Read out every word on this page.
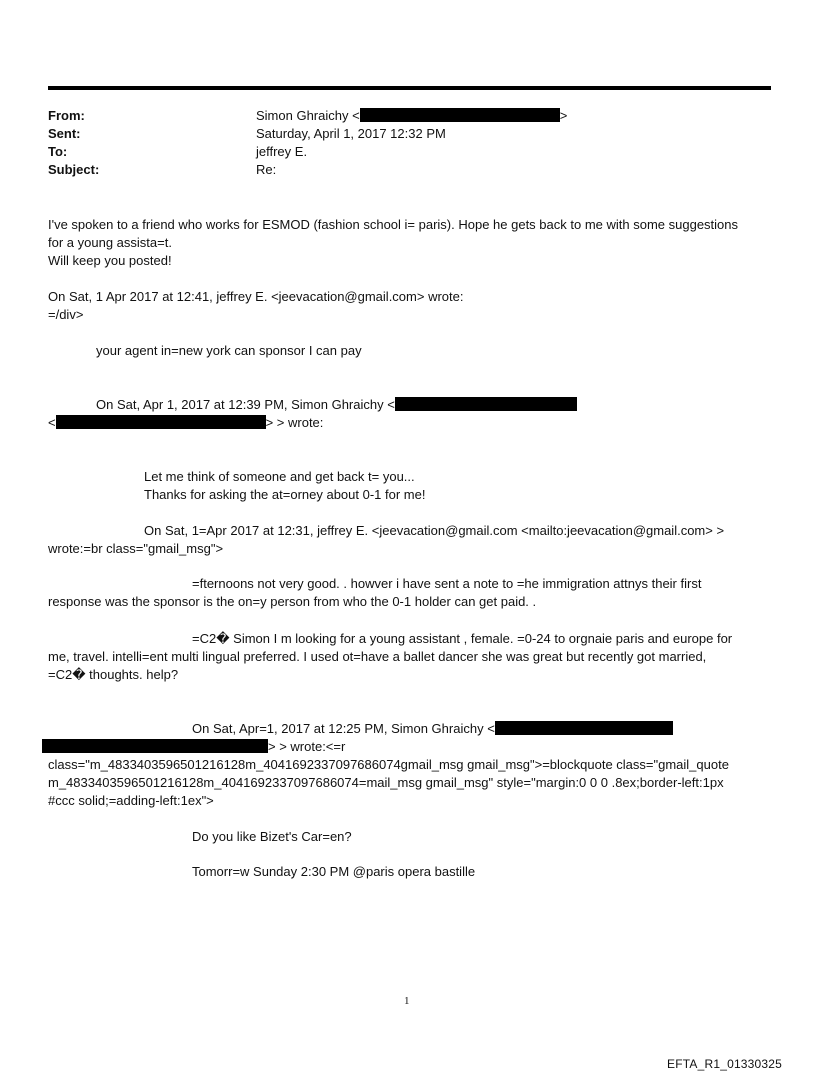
From:	Simon Ghraichy <	>
Sent:	Saturday, April 1, 2017 12:32 PM
To:	jeffrey E.
Subject:	Re:
I've spoken to a friend who works for ESMOD (fashion school i= paris). Hope he gets back to me with some suggestions
for a young assista=t.
Will keep you posted!
On Sat, 1 Apr 2017 at 12:41, jeffrey E. <jeevacation@gmail.com> wrote:
=/div>
your agent in=new york can sponsor I can pay
On Sat, Apr 1, 2017 at 12:39 PM, Simon Ghraichy <
<	> > wrote:
Let me think of someone and get back t= you...
Thanks for asking the at=orney about 0-1 for me!
On Sat, 1=Apr 2017 at 12:31, jeffrey E. <jeevacation@gmail.com <mailto:jeevacation@gmail.com> >
wrote:=br class="gmail_msg">
=fternoons not very good. . howver i have sent a note to =he immigration attnys their first
response was the sponsor is the on=y person from who the 0-1 holder can get paid. .
=C2� Simon I m looking for a young assistant , female. =0-24 to orgnaie paris and europe for
me, travel. intelli=ent multi lingual preferred. I used ot=have a ballet dancer she was great but recently got married,
=C2� thoughts. help?
On Sat, Apr=1, 2017 at 12:25 PM, Simon Ghraichy <
> > wrote:<=r
class="m_4833403596501216128m_4041692337097686074gmail_msg gmail_msg">=blockquote class="gmail_quote
m_4833403596501216128m_4041692337097686074=mail_msg gmail_msg" style="margin:0 0 0 .8ex;border-left:1px
#ccc solid;=adding-left:1ex">
Do you like Bizet's Car=en?
Tomorr=w Sunday 2:30 PM @paris opera bastille
1
EFTA_R1_01330325
